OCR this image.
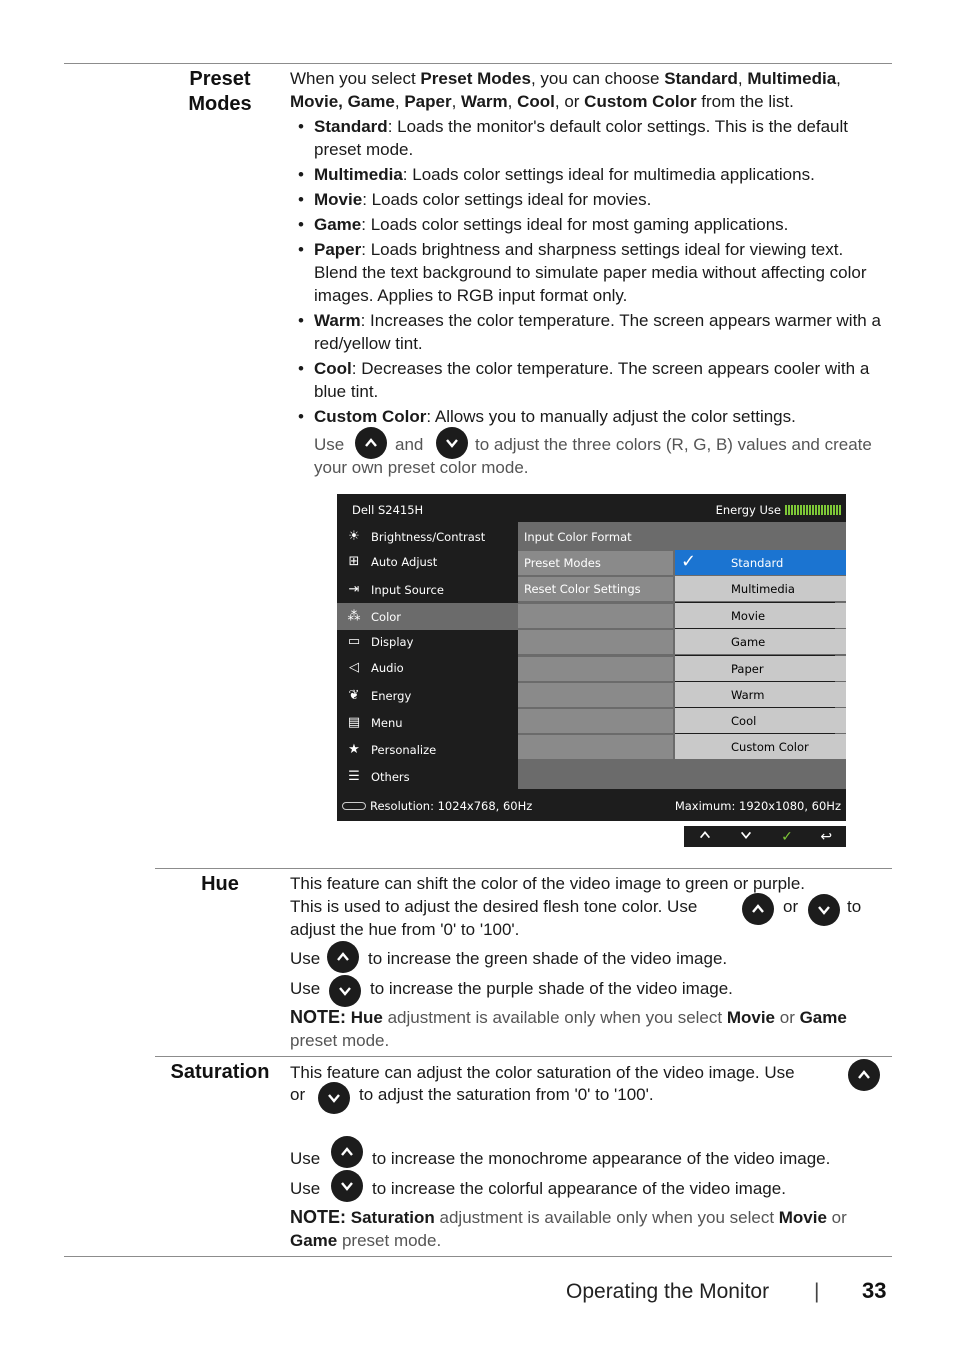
Preset
Modes
When you select Preset Modes, you can choose Standard, Multimedia,
Movie, Game, Paper, Warm, Cool, or Custom Color from the list.
• Standard: Loads the monitor's default color settings. This is the default preset mode.
• Multimedia: Loads color settings ideal for multimedia applications.
• Movie: Loads color settings ideal for movies.
• Game: Loads color settings ideal for most gaming applications.
• Paper: Loads brightness and sharpness settings ideal for viewing text. Blend the text background to simulate paper media without affecting color images. Applies to RGB input format only.
• Warm: Increases the color temperature. The screen appears warmer with a red/yellow tint.
• Cool: Decreases the color temperature. The screen appears cooler with a blue tint.
• Custom Color: Allows you to manually adjust the color settings.
Use	and	to adjust the three colors (R, G, B) values and create
your own preset color mode.
Dell S2415H	Energy Use
☀ Brightness/Contrast
⊞	Auto Adjust
⇥	Input Source
⁂ Color
▭ Display
◁	Audio
❦	Energy
▤ Menu
★ Personalize
☰ Others
Input Color Format
Preset Modes
Reset Color Settings
✓	Standard
Multimedia
Movie
Game
Paper
Warm
Cool
Custom Color
Resolution: 1024x768, 60Hz	Maximum: 1920x1080, 60Hz
✓ ↩
Hue	This feature can shift the color of the video image to green or purple.
This is used to adjust the desired flesh tone color. Use	or	to
adjust the hue from '0' to '100'.
Use	to increase the green shade of the video image.
Use	to increase the purple shade of the video image.
NOTE: Hue adjustment is available only when you select Movie or Game
preset mode.
Saturation	This feature can adjust the color saturation of the video image. Use
or	to adjust the saturation from '0' to '100'.
Use	to increase the monochrome appearance of the video image.
Use	to increase the colorful appearance of the video image.
NOTE: Saturation adjustment is available only when you select Movie or
Game preset mode.
Operating the Monitor | 33
